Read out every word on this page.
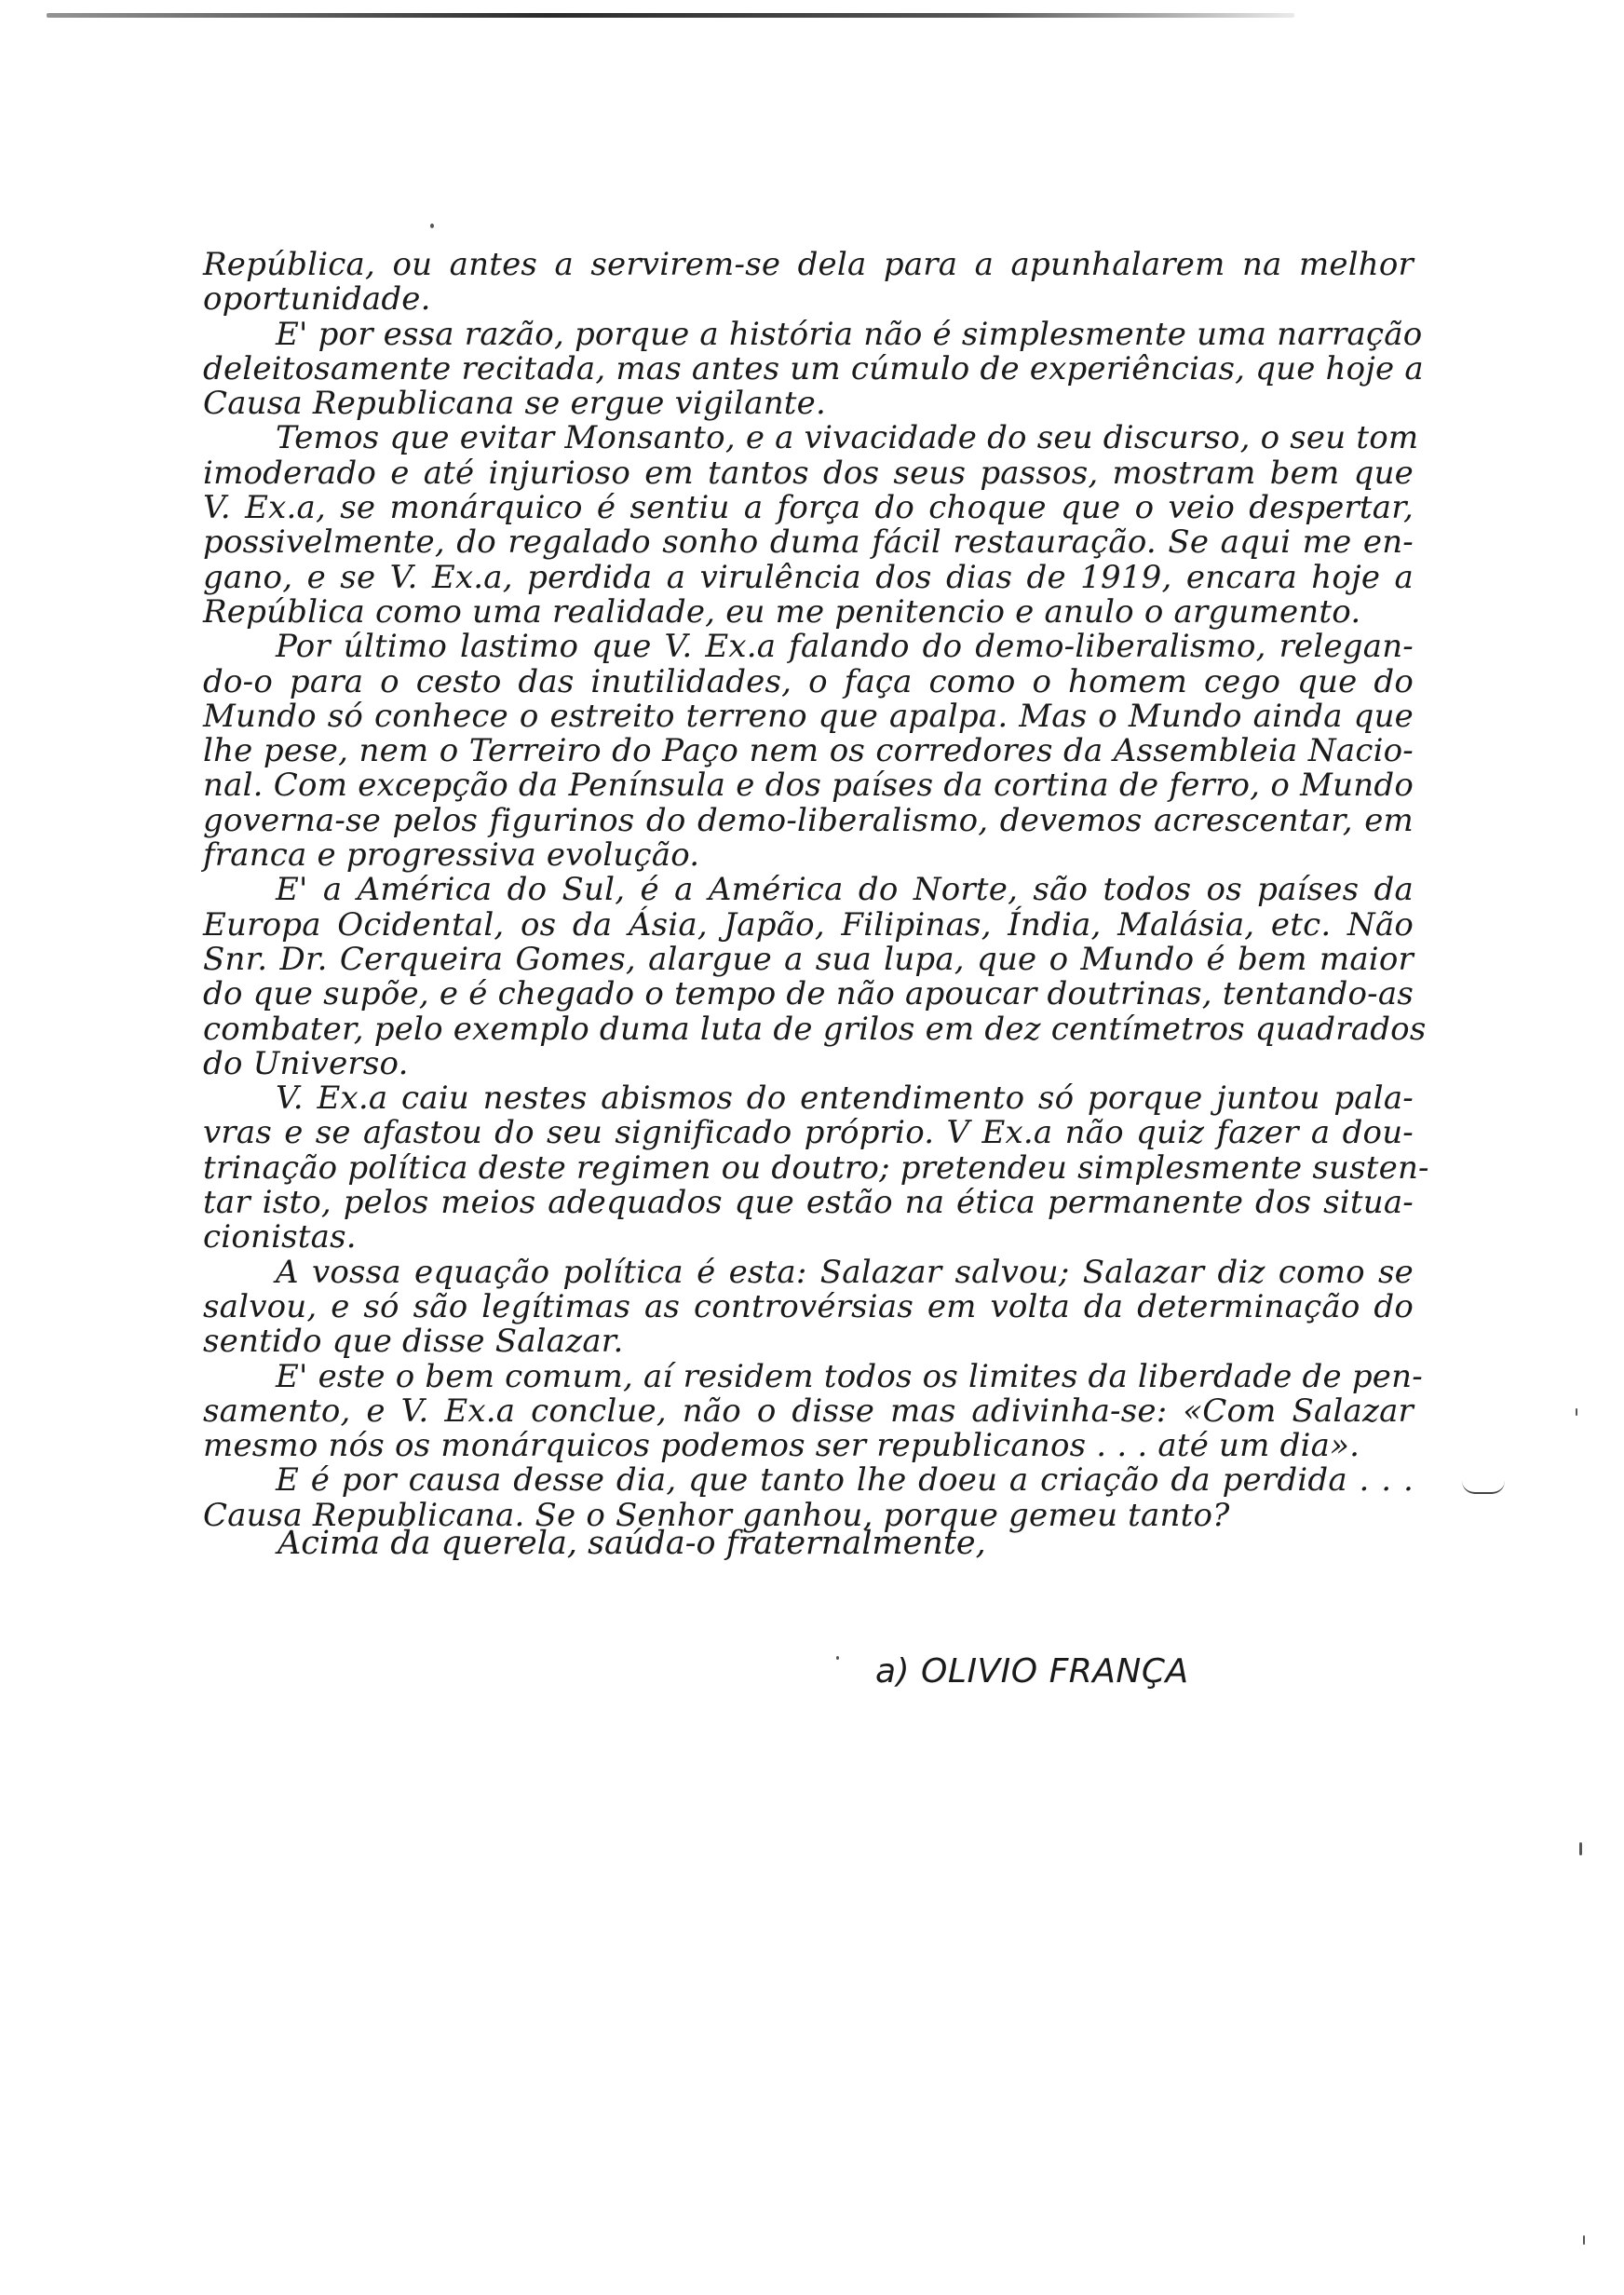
República, ou antes a servirem-se dela para a apunhalarem na melhor
oportunidade.
E' por essa razão, porque a história não é simplesmente uma narração
deleitosamente recitada, mas antes um cúmulo de experiências, que hoje a
Causa Republicana se ergue vigilante.
Temos que evitar Monsanto, e a vivacidade do seu discurso, o seu tom
imoderado e até injurioso em tantos dos seus passos, mostram bem que
V. Ex.a, se monárquico é sentiu a força do choque que o veio despertar,
possivelmente, do regalado sonho duma fácil restauração. Se aqui me en-
gano, e se V. Ex.a, perdida a virulência dos dias de 1919, encara hoje a
República como uma realidade, eu me penitencio e anulo o argumento.
Por último lastimo que V. Ex.a falando do demo-liberalismo, relegan-
do-o para o cesto das inutilidades, o faça como o homem cego que do
Mundo só conhece o estreito terreno que apalpa. Mas o Mundo ainda que
lhe pese, nem o Terreiro do Paço nem os corredores da Assembleia Nacio-
nal. Com excepção da Península e dos países da cortina de ferro, o Mundo
governa-se pelos figurinos do demo-liberalismo, devemos acrescentar, em
franca e progressiva evolução.
E' a América do Sul, é a América do Norte, são todos os países da
Europa Ocidental, os da Ásia, Japão, Filipinas, Índia, Malásia, etc. Não
Snr. Dr. Cerqueira Gomes, alargue a sua lupa, que o Mundo é bem maior
do que supõe, e é chegado o tempo de não apoucar doutrinas, tentando-as
combater, pelo exemplo duma luta de grilos em dez centímetros quadrados
do Universo.
V. Ex.a caiu nestes abismos do entendimento só porque juntou pala-
vras e se afastou do seu significado próprio. V Ex.a não quiz fazer a dou-
trinação política deste regimen ou doutro; pretendeu simplesmente susten-
tar isto, pelos meios adequados que estão na ética permanente dos situa-
cionistas.
A vossa equação política é esta: Salazar salvou; Salazar diz como se
salvou, e só são legítimas as controvérsias em volta da determinação do
sentido que disse Salazar.
E' este o bem comum, aí residem todos os limites da liberdade de pen-
samento, e V. Ex.a conclue, não o disse mas adivinha-se: «Com Salazar
mesmo nós os monárquicos podemos ser republicanos . . . até um dia».
E é por causa desse dia, que tanto lhe doeu a criação da perdida . . .
Causa Republicana. Se o Senhor ganhou, porque gemeu tanto?
Acima da querela, saúda-o fraternalmente,
a) OLIVIO FRANÇA
